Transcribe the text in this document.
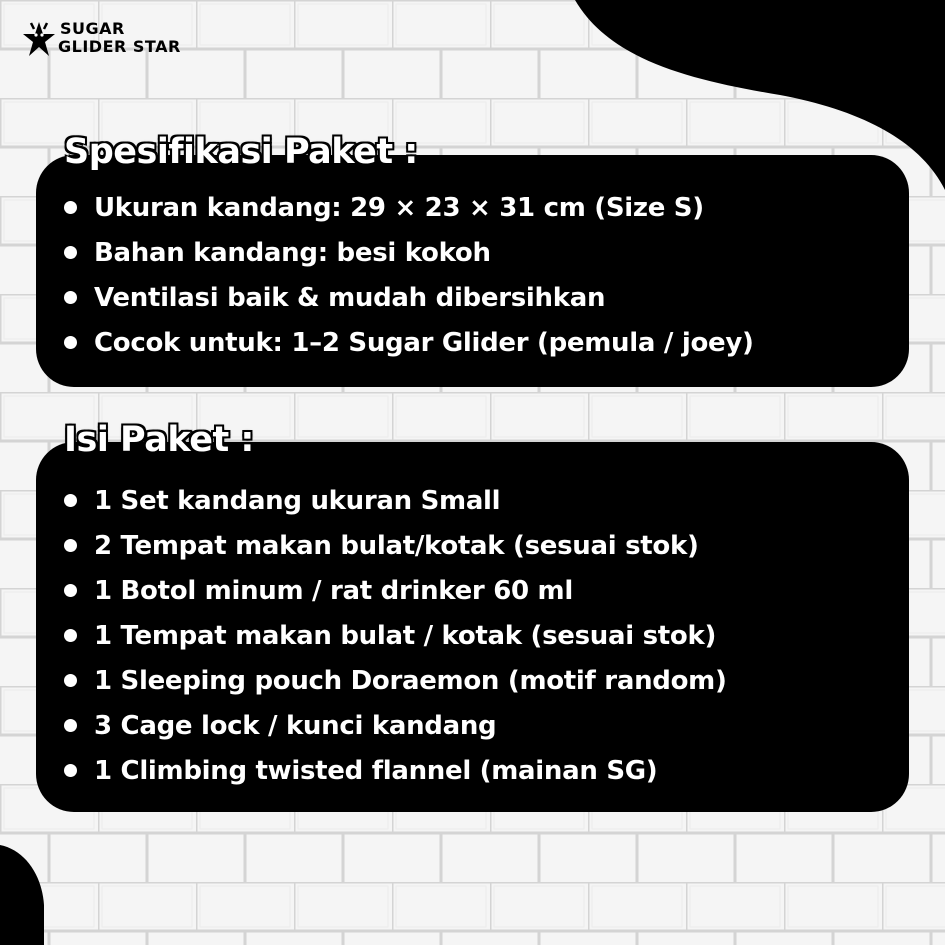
SUGAR
GLIDER STAR
Spesifikasi Paket :
Ukuran kandang: 29 × 23 × 31 cm (Size S)
Bahan kandang: besi kokoh
Ventilasi baik & mudah dibersihkan
Cocok untuk: 1–2 Sugar Glider (pemula / joey)
Isi Paket :
1 Set kandang ukuran Small
2 Tempat makan bulat/kotak (sesuai stok)
1 Botol minum / rat drinker 60 ml
1 Tempat makan bulat / kotak (sesuai stok)
1 Sleeping pouch Doraemon (motif random)
3 Cage lock / kunci kandang
1 Climbing twisted flannel (mainan SG)
